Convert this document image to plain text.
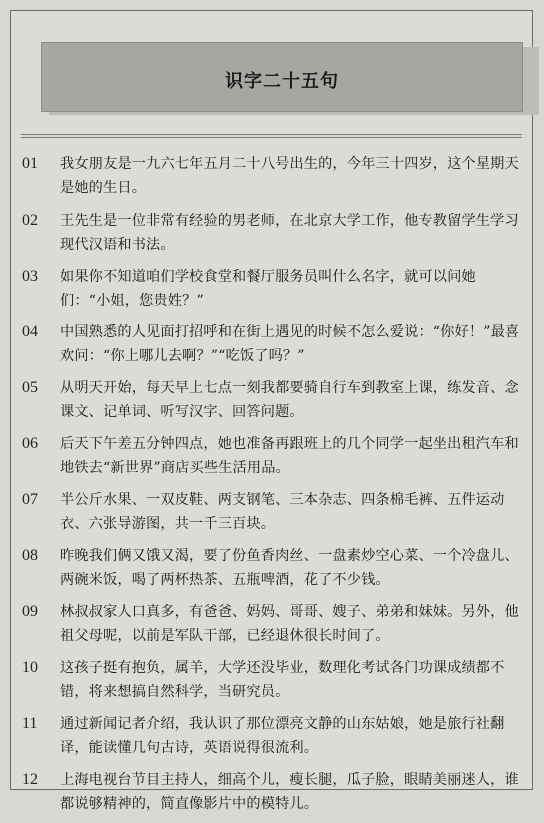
识字二十五句
01	我女朋友是一九六七年五月二十八号出生的，今年三十四岁，这个星期天是她的生日。
02	王先生是一位非常有经验的男老师，在北京大学工作，他专教留学生学习现代汉语和书法。
03	如果你不知道咱们学校食堂和餐厅服务员叫什么名字，就可以问她们：“小姐，您贵姓？”
04	中国熟悉的人见面打招呼和在街上遇见的时候不怎么爱说：“你好！”最喜欢问：“你上哪儿去啊？”“吃饭了吗？”
05	从明天开始，每天早上七点一刻我都要骑自行车到教室上课，练发音、念课文、记单词、听写汉字、回答问题。
06	后天下午差五分钟四点，她也准备再跟班上的几个同学一起坐出租汽车和地铁去“新世界”商店买些生活用品。
07	半公斤水果、一双皮鞋、两支钢笔、三本杂志、四条棉毛裤、五件运动衣、六张导游图，共一千三百块。
08	昨晚我们俩又饿又渴，要了份鱼香肉丝、一盘素炒空心菜、一个冷盘儿、两碗米饭，喝了两杯热茶、五瓶啤酒，花了不少钱。
09	林叔叔家人口真多，有爸爸、妈妈、哥哥、嫂子、弟弟和妹妹。另外，他祖父母呢，以前是军队干部，已经退休很长时间了。
10	这孩子挺有抱负，属羊，大学还没毕业，数理化考试各门功课成绩都不错，将来想搞自然科学，当研究员。
11	通过新闻记者介绍，我认识了那位漂亮文静的山东姑娘，她是旅行社翻译，能读懂几句古诗，英语说得很流利。
12	上海电视台节目主持人，细高个儿，瘦长腿，瓜子脸，眼睛美丽迷人，谁都说够精神的，简直像影片中的模特儿。
